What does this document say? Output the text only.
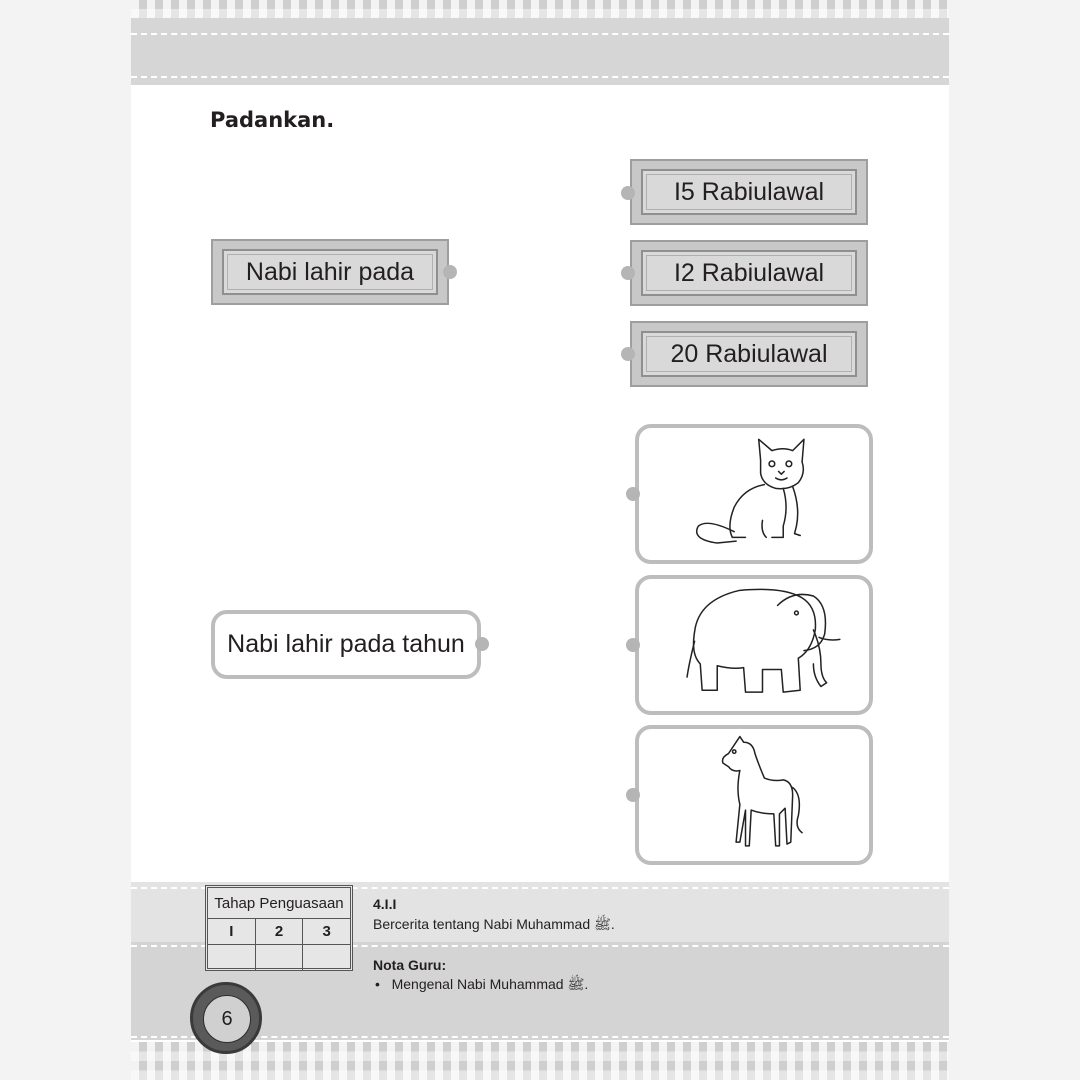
Padankan.
Nabi lahir pada
I5 Rabiulawal
I2 Rabiulawal
20 Rabiulawal
Nabi lahir pada tahun
Tahap Penguasaan
I	2	3
4.I.I
Bercerita tentang Nabi Muhammad ﷺ.
Nota Guru:
•   Mengenal Nabi Muhammad ﷺ.
6
